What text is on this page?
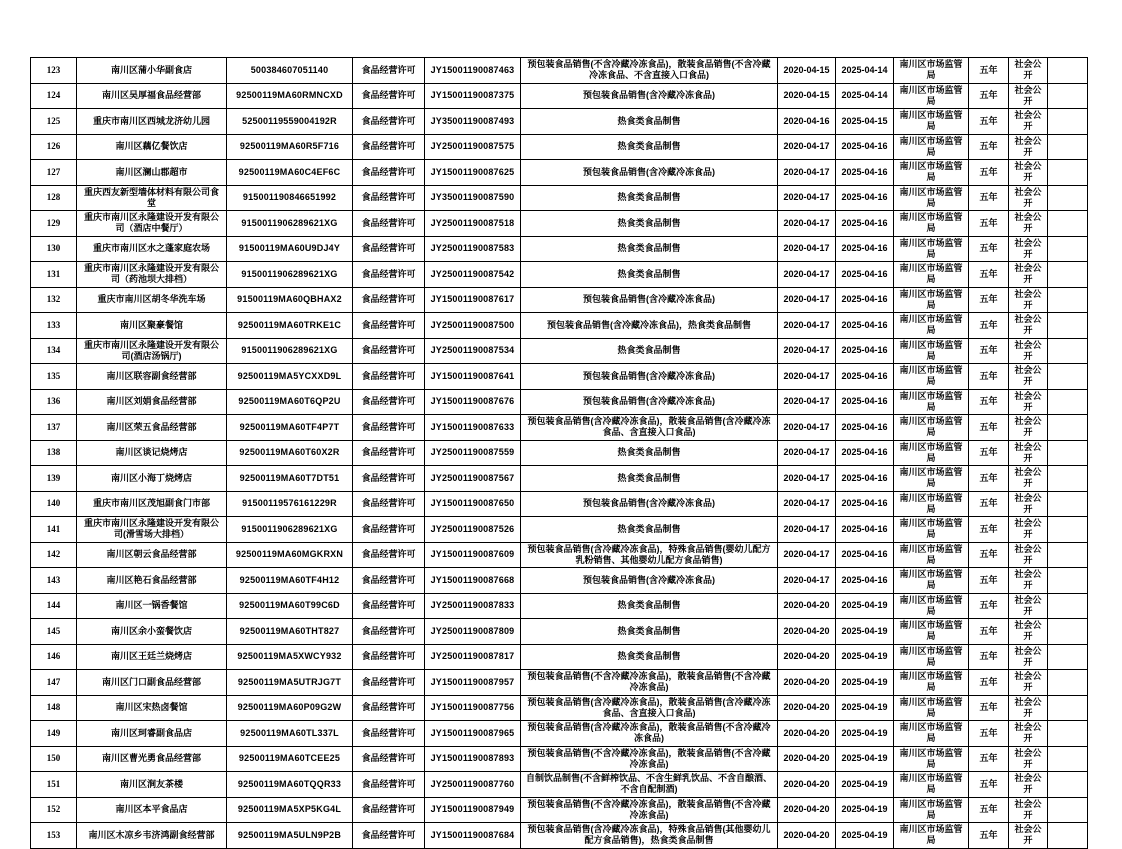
123	南川区蒲小华副食店	500384607051140	食品经营许可	JY15001190087463	预包装食品销售(不含冷藏冷冻食品)，散装食品销售(不含冷藏冷冻食品、不含直接入口食品)	2020-04-15	2025-04-14	南川区市场监管局	五年	社会公开	
124	南川区吴厚福食品经营部	92500119MA60RMNCXD	食品经营许可	JY15001190087375	预包装食品销售(含冷藏冷冻食品)	2020-04-15	2025-04-14	南川区市场监管局	五年	社会公开	
125	重庆市南川区西城龙济幼儿园	52500119559004192R	食品经营许可	JY35001190087493	热食类食品制售	2020-04-16	2025-04-15	南川区市场监管局	五年	社会公开	
126	南川区藕亿餐饮店	92500119MA60R5F716	食品经营许可	JY25001190087575	热食类食品制售	2020-04-17	2025-04-16	南川区市场监管局	五年	社会公开	
127	南川区澜山郡超市	92500119MA60C4EF6C	食品经营许可	JY15001190087625	预包装食品销售(含冷藏冷冻食品)	2020-04-17	2025-04-16	南川区市场监管局	五年	社会公开	
128	重庆西友新型墙体材料有限公司食堂	915001190846651992	食品经营许可	JY35001190087590	热食类食品制售	2020-04-17	2025-04-16	南川区市场监管局	五年	社会公开	
129	重庆市南川区永隆建设开发有限公司（酒店中餐厅）	9150011906289621XG	食品经营许可	JY25001190087518	热食类食品制售	2020-04-17	2025-04-16	南川区市场监管局	五年	社会公开	
130	重庆市南川区水之蓬家庭农场	91500119MA60U9DJ4Y	食品经营许可	JY25001190087583	热食类食品制售	2020-04-17	2025-04-16	南川区市场监管局	五年	社会公开	
131	重庆市南川区永隆建设开发有限公司（药池坝大排档）	9150011906289621XG	食品经营许可	JY25001190087542	热食类食品制售	2020-04-17	2025-04-16	南川区市场监管局	五年	社会公开	
132	重庆市南川区胡冬华洗车场	91500119MA60QBHAX2	食品经营许可	JY15001190087617	预包装食品销售(含冷藏冷冻食品)	2020-04-17	2025-04-16	南川区市场监管局	五年	社会公开	
133	南川区聚豪餐馆	92500119MA60TRKE1C	食品经营许可	JY25001190087500	预包装食品销售(含冷藏冷冻食品)，热食类食品制售	2020-04-17	2025-04-16	南川区市场监管局	五年	社会公开	
134	重庆市南川区永隆建设开发有限公司(酒店汤锅厅)	9150011906289621XG	食品经营许可	JY25001190087534	热食类食品制售	2020-04-17	2025-04-16	南川区市场监管局	五年	社会公开	
135	南川区联容副食经营部	92500119MA5YCXXD9L	食品经营许可	JY15001190087641	预包装食品销售(含冷藏冷冻食品)	2020-04-17	2025-04-16	南川区市场监管局	五年	社会公开	
136	南川区刘娟食品经营部	92500119MA60T6QP2U	食品经营许可	JY15001190087676	预包装食品销售(含冷藏冷冻食品)	2020-04-17	2025-04-16	南川区市场监管局	五年	社会公开	
137	南川区荣五食品经营部	92500119MA60TF4P7T	食品经营许可	JY15001190087633	预包装食品销售(含冷藏冷冻食品)，散装食品销售(含冷藏冷冻食品、含直接入口食品)	2020-04-17	2025-04-16	南川区市场监管局	五年	社会公开	
138	南川区谈记烧烤店	92500119MA60T60X2R	食品经营许可	JY25001190087559	热食类食品制售	2020-04-17	2025-04-16	南川区市场监管局	五年	社会公开	
139	南川区小海丁烧烤店	92500119MA60T7DT51	食品经营许可	JY25001190087567	热食类食品制售	2020-04-17	2025-04-16	南川区市场监管局	五年	社会公开	
140	重庆市南川区茂旭副食门市部	91500119576161229R	食品经营许可	JY15001190087650	预包装食品销售(含冷藏冷冻食品)	2020-04-17	2025-04-16	南川区市场监管局	五年	社会公开	
141	重庆市南川区永隆建设开发有限公司(滑雪场大排档）	9150011906289621XG	食品经营许可	JY25001190087526	热食类食品制售	2020-04-17	2025-04-16	南川区市场监管局	五年	社会公开	
142	南川区朝云食品经营部	92500119MA60MGKRXN	食品经营许可	JY15001190087609	预包装食品销售(含冷藏冷冻食品)，特殊食品销售(婴幼儿配方乳粉销售、其他婴幼儿配方食品销售)	2020-04-17	2025-04-16	南川区市场监管局	五年	社会公开	
143	南川区艳石食品经营部	92500119MA60TF4H12	食品经营许可	JY15001190087668	预包装食品销售(含冷藏冷冻食品)	2020-04-17	2025-04-16	南川区市场监管局	五年	社会公开	
144	南川区一锅香餐馆	92500119MA60T99C6D	食品经营许可	JY25001190087833	热食类食品制售	2020-04-20	2025-04-19	南川区市场监管局	五年	社会公开	
145	南川区余小蛮餐饮店	92500119MA60THT827	食品经营许可	JY25001190087809	热食类食品制售	2020-04-20	2025-04-19	南川区市场监管局	五年	社会公开	
146	南川区王廷兰烧烤店	92500119MA5XWCY932	食品经营许可	JY25001190087817	热食类食品制售	2020-04-20	2025-04-19	南川区市场监管局	五年	社会公开	
147	南川区门口副食品经营部	92500119MA5UTRJG7T	食品经营许可	JY15001190087957	预包装食品销售(不含冷藏冷冻食品)，散装食品销售(不含冷藏冷冻食品)	2020-04-20	2025-04-19	南川区市场监管局	五年	社会公开	
148	南川区宋热卤餐馆	92500119MA60P09G2W	食品经营许可	JY15001190087756	预包装食品销售(含冷藏冷冻食品)，散装食品销售(含冷藏冷冻食品、含直接入口食品)	2020-04-20	2025-04-19	南川区市场监管局	五年	社会公开	
149	南川区珂睿副食品店	92500119MA60TL337L	食品经营许可	JY15001190087965	预包装食品销售(含冷藏冷冻食品)，散装食品销售(不含冷藏冷冻食品)	2020-04-20	2025-04-19	南川区市场监管局	五年	社会公开	
150	南川区曹光勇食品经营部	92500119MA60TCEE25	食品经营许可	JY15001190087893	预包装食品销售(不含冷藏冷冻食品)，散装食品销售(不含冷藏冷冻食品)	2020-04-20	2025-04-19	南川区市场监管局	五年	社会公开	
151	南川区涧友茶楼	92500119MA60TQQR33	食品经营许可	JY25001190087760	自制饮品制售(不含鲜榨饮品、不含生鲜乳饮品、不含自酿酒、不含自配制酒)	2020-04-20	2025-04-19	南川区市场监管局	五年	社会公开	
152	南川区本平食品店	92500119MA5XP5KG4L	食品经营许可	JY15001190087949	预包装食品销售(不含冷藏冷冻食品)，散装食品销售(不含冷藏冷冻食品)	2020-04-20	2025-04-19	南川区市场监管局	五年	社会公开	
153	南川区木凉乡韦济鸿副食经营部	92500119MA5ULN9P2B	食品经营许可	JY15001190087684	预包装食品销售(含冷藏冷冻食品)，特殊食品销售(其他婴幼儿配方食品销售)，热食类食品制售	2020-04-20	2025-04-19	南川区市场监管局	五年	社会公开	
